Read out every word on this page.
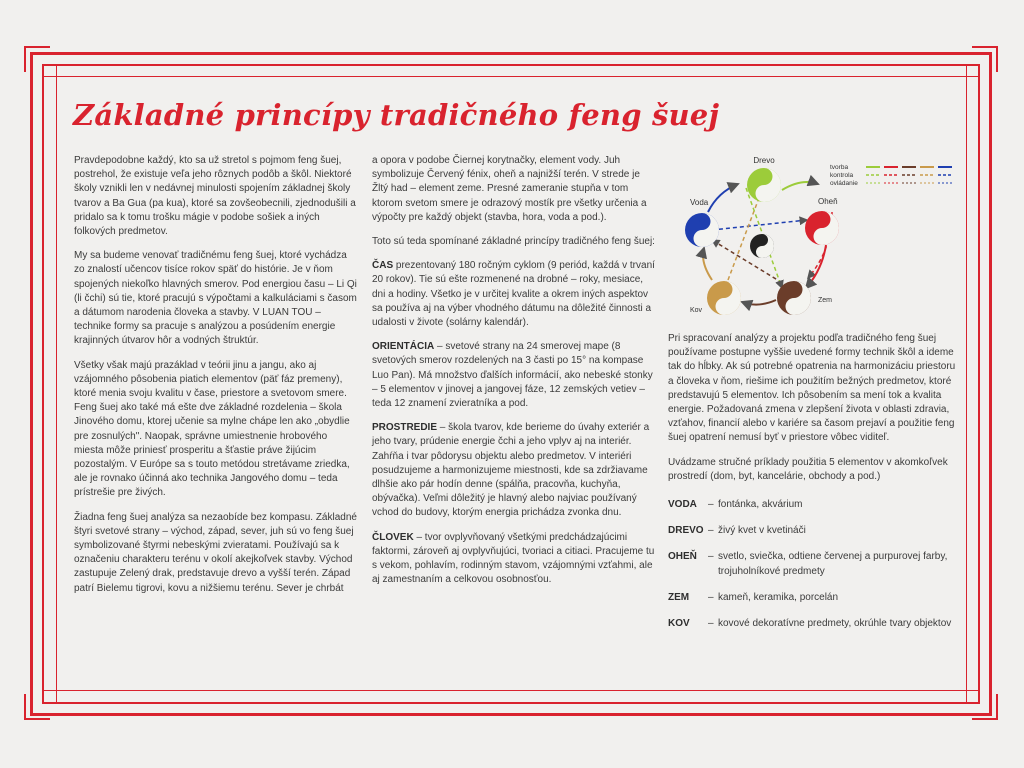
Základné princípy tradičného feng šuej

Pravdepodobne každý, kto sa už stretol s pojmom feng šuej, postrehol, že existuje veľa jeho rôznych podôb a škôl. Niektoré školy vznikli len v nedávnej minulosti spojením základnej školy tvarov a Ba Gua (pa kua), ktoré sa zovšeobecnili, zjednodušili a pridalo sa k tomu trošku mágie v podobe sošiek a iných folkových predmetov.

My sa budeme venovať tradičnému feng šuej, ktoré vychádza zo znalostí učencov tisíce rokov späť do histórie. Je v ňom spojených niekoľko hlavných smerov. Pod energiou času – Li Qi (li čchi) sú tie, ktoré pracujú s výpočtami a kalkuláciami s časom a dátumom narodenia človeka a stavby. V LUAN TOU – technike formy sa pracuje s analýzou a posúdením energie krajinných útvarov hôr a vodných štruktúr.

Všetky však majú prazáklad v teórii jinu a jangu, ako aj vzájomného pôsobenia piatich elementov (päť fáz premeny), ktoré menia svoju kvalitu v čase, priestore a svetovom smere. Feng šuej ako také má ešte dve základné rozdelenia – škola Jinového domu, ktorej učenie sa mylne chápe len ako „obydlie pre zosnulých". Naopak, správne umiestnenie hrobového miesta môže priniesť prosperitu a šťastie práve žijúcim pozostalým. V Európe sa s touto metódou stretávame zriedka, ale je rovnako účinná ako technika Jangového domu – teda prístrešie pre živých.

Žiadna feng šuej analýza sa nezaobíde bez kompasu. Základné štyri svetové strany – východ, západ, sever, juh sú vo feng šuej symbolizované štyrmi nebeskými zvieratami. Používajú sa k označeniu charakteru terénu v okolí akejkoľvek stavby. Východ zastupuje Zelený drak, predstavuje drevo a vyšší terén. Západ patrí Bielemu tigrovi, kovu a nižšiemu terénu. Sever je chrbát

a opora v podobe Čiernej korytnačky, element vody. Juh symbolizuje Červený fénix, oheň a najnižší terén. V strede je Žltý had – element zeme. Presné zameranie stupňa v tom ktorom svetom smere je odrazový mostík pre všetky určenia a výpočty pre každý objekt (stavba, hora, voda a pod.).

Toto sú teda spomínané základné princípy tradičného feng šuej:

ČAS prezentovaný 180 ročným cyklom (9 periód, každá v trvaní 20 rokov). Tie sú ešte rozmenené na drobné – roky, mesiace, dni a hodiny. Všetko je v určitej kvalite a okrem iných aspektov sa používa aj na výber vhodného dátumu na dôležité činnosti a udalosti v živote (solárny kalendár).

ORIENTÁCIA – svetové strany na 24 smerovej mape (8 svetových smerov rozdelených na 3 časti po 15° na kompase Luo Pan). Má množstvo ďalších informácií, ako nebeské stonky – 5 elementov v jinovej a jangovej fáze, 12 zemských vetiev – teda 12 znamení zvieratníka a pod.

PROSTREDIE – škola tvarov, kde berieme do úvahy exteriér a jeho tvary, prúdenie energie čchi a jeho vplyv aj na interiér. Zahŕňa i tvar pôdorysu objektu alebo predmetov. V interiéri posudzujeme a harmonizujeme miestnosti, kde sa zdržiavame dlhšie ako pár hodín denne (spálňa, pracovňa, kuchyňa, obývačka). Veľmi dôležitý je hlavný alebo najviac používaný vchod do budovy, ktorým energia prichádza zvonka dnu.

ČLOVEK – tvor ovplyvňovaný všetkými predchádzajúcimi faktormi, zároveň aj ovplyvňujúci, tvoriaci a citiaci. Pracujeme tu s vekom, pohlavím, rodinným stavom, vzájomnými vzťahmi, ale aj zamestnaním a celkovou osobnosťou.

Drevo
Oheň
Zem
Kov
Voda
tvorba
kontrola
ovládanie

Pri spracovaní analýzy a projektu podľa tradičného feng šuej používame postupne vyššie uvedené formy technik škôl a ideme tak do hĺbky. Ak sú potrebné opatrenia na harmonizáciu priestoru a človeka v ňom, riešime ich použitím bežných predmetov, ktoré predstavujú 5 elementov. Ich pôsobením sa mení tok a kvalita energie. Požadovaná zmena v zlepšení života v oblasti zdravia, vzťahov, financií alebo v kariére sa časom prejaví a použitie feng šuej opatrení nemusí byť v priestore vôbec viditeľ.

Uvádzame stručné príklady použitia 5 elementov v akomkoľvek prostredí (dom, byt, kancelárie, obchody a pod.)

VODA	– fontánka, akvárium
DREVO – živý kvet v kvetináči
OHEŇ	– svetlo, sviečka, odtiene červenej a purpurovej farby, trojuholníkové predmety
ZEM	– kameň, keramika, porcelán
KOV	– kovové dekoratívne predmety, okrúhle tvary objektov
